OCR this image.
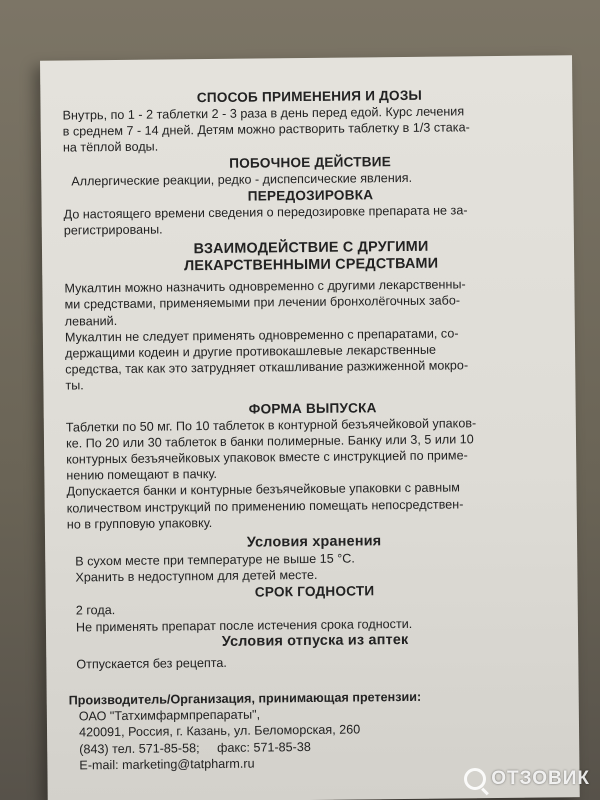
СПОСОБ ПРИМЕНЕНИЯ И ДОЗЫ
Внутрь, по 1 - 2 таблетки 2 - 3 раза в день перед едой. Курс лечения
в среднем 7 - 14 дней. Детям можно растворить таблетку в 1/3 стака-
на тёплой воды.
ПОБОЧНОЕ ДЕЙСТВИЕ
Аллергические реакции, редко - диспепсические явления.
ПЕРЕДОЗИРОВКА
До настоящего времени сведения о передозировке препарата не за-
регистрированы.
ВЗАИМОДЕЙСТВИЕ С ДРУГИМИ
ЛЕКАРСТВЕННЫМИ СРЕДСТВАМИ
Мукалтин можно назначить одновременно с другими лекарственны-
ми средствами, применяемыми при лечении бронхолёгочных забо-
леваний.
Мукалтин не следует применять одновременно с препаратами, со-
держащими кодеин и другие противокашлевые лекарственные
средства, так как это затрудняет откашливание разжиженной мокро-
ты.
ФОРМА ВЫПУСКА
Таблетки по 50 мг. По 10 таблеток в контурной безъячейковой упаков-
ке. По 20 или 30 таблеток в банки полимерные. Банку или 3, 5 или 10
контурных безъячейковых упаковок вместе с инструкцией по приме-
нению помещают в пачку.
Допускается банки и контурные безъячейковые упаковки с равным
количеством инструкций по применению помещать непосредствен-
но в групповую упаковку.
Условия хранения
В сухом месте при температуре не выше 15 °С.
Хранить в недоступном для детей месте.
СРОК ГОДНОСТИ
2 года.
Не применять препарат после истечения срока годности.
Условия отпуска из аптек
Отпускается без рецепта.
Производитель/Организация, принимающая претензии:
ОАО "Татхимфармпрепараты",
420091, Россия, г. Казань, ул. Беломорская, 260
(843) тел. 571-85-58;     факс: 571-85-38
E-mail: marketing@tatpharm.ru
ОТЗОВИК
